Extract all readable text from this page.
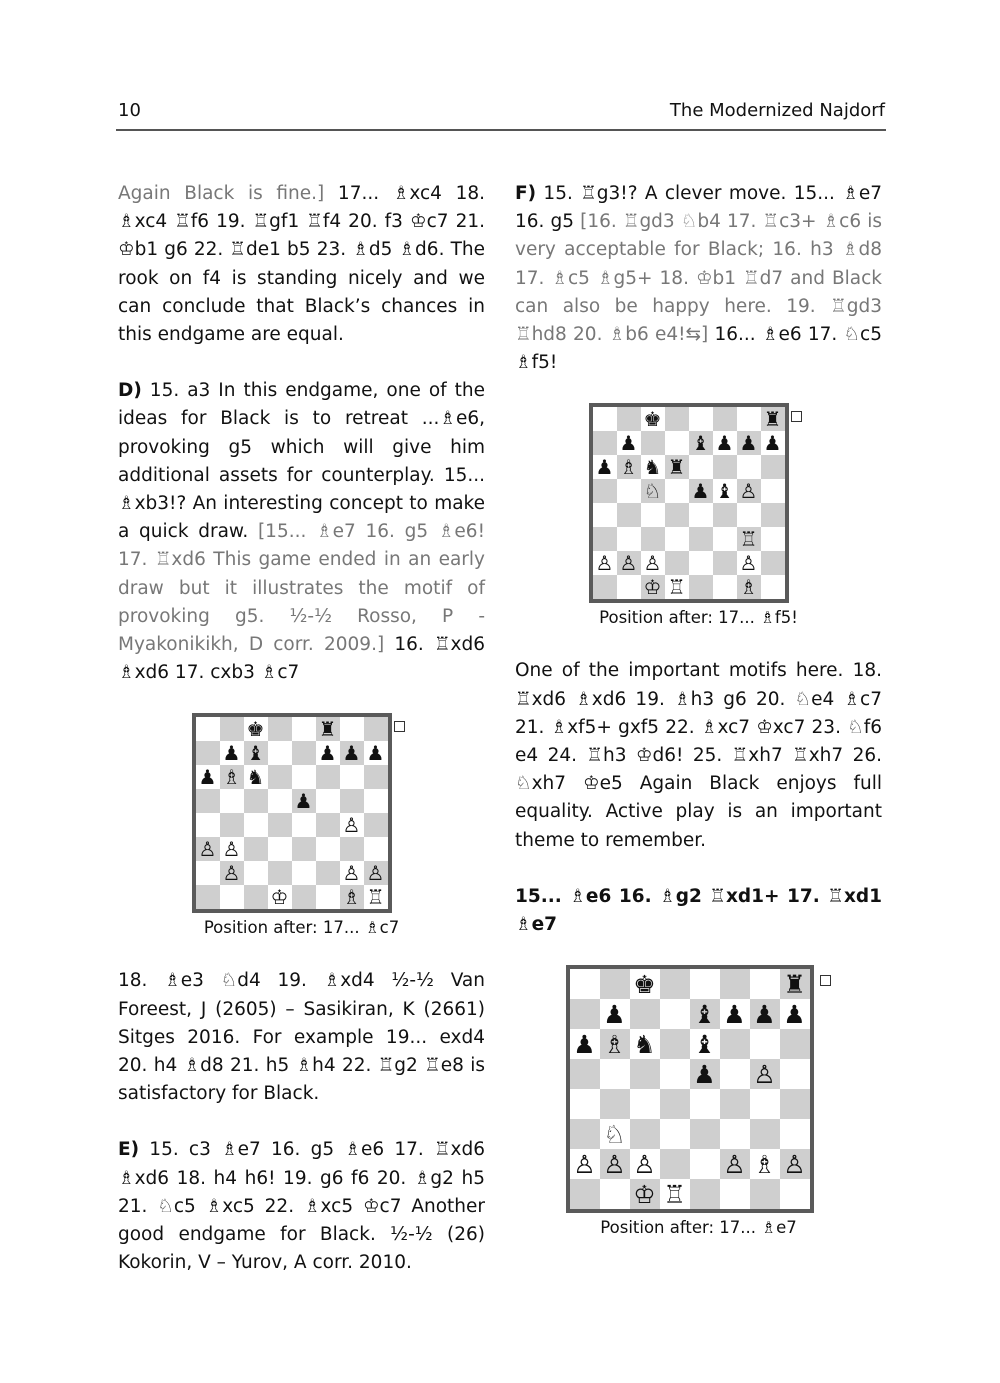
10	The Modernized Najdorf

Again Black is fine.] 17... ♗xc4 18. ♗xc4 ♖f6 19. ♖gf1 ♖f4 20. f3 ♔c7 21. ♔b1 g6 22. ♖de1 b5 23. ♗d5 ♗d6. The rook on f4 is standing nicely and we can conclude that Black’s chances in this endgame are equal.

D) 15. a3 In this endgame, one of the ideas for Black is to retreat ...♗e6, provoking g5 which will give him additional assets for counterplay. 15... ♗xb3!? An interesting concept to make a quick draw. [15... ♗e7 16. g5 ♗e6! 17. ♖xd6 This game ended in an early draw but it illustrates the motif of provoking g5. ½-½ Rosso, P - Myakonikikh, D corr. 2009.] 16. ♖xd6 ♗xd6 17. cxb3 ♗c7

♚	♜
♟ ♝	♟ ♟ ♟
♟ ♗ ♞
♟
♙
♙ ♙
♙	♙ ♙
♔	♗ ♖
Position after: 17... ♗c7

18. ♗e3 ♘d4 19. ♗xd4 ½-½ Van Foreest, J (2605) – Sasikiran, K (2661) Sitges 2016. For example 19... exd4 20. h4 ♗d8 21. h5 ♗h4 22. ♖g2 ♖e8 is satisfactory for Black.

E) 15. c3 ♗e7 16. g5 ♗e6 17. ♖xd6 ♗xd6 18. h4 h6! 19. g6 f6 20. ♗g2 h5 21. ♘c5 ♗xc5 22. ♗xc5 ♔c7 Another good endgame for Black. ½-½ (26) Kokorin, V – Yurov, A corr. 2010.

F) 15. ♖g3!? A clever move. 15... ♗e7 16. g5 [16. ♖gd3 ♘b4 17. ♖c3+ ♗c6 is very acceptable for Black; 16. h3 ♗d8 17. ♗c5 ♗g5+ 18. ♔b1 ♖d7 and Black can also be happy here. 19. ♖gd3 ♖hd8 20. ♗b6 e4!⇆] 16... ♗e6 17. ♘c5 ♗f5!

♚	♜
♟	♝ ♟ ♟ ♟
♟ ♗ ♞ ♜
♘ ♟ ♝ ♙
♖
♙ ♙ ♙	♙
♔ ♖	♗
Position after: 17... ♗f5!

One of the important motifs here. 18. ♖xd6 ♗xd6 19. ♗h3 g6 20. ♘e4 ♗c7 21. ♗xf5+ gxf5 22. ♗xc7 ♔xc7 23. ♘f6 e4 24. ♖h3 ♔d6! 25. ♖xh7 ♖xh7 26. ♘xh7 ♔e5 Again Black enjoys full equality. Active play is an important theme to remember.

15... ♗e6 16. ♗g2 ♖xd1+ 17. ♖xd1 ♗e7

♚	♜
♟	♝ ♟ ♟ ♟
♟ ♗ ♞ ♝
♟ ♙
♘
♙ ♙ ♙	♙ ♗ ♙
♔ ♖
Position after: 17... ♗e7
